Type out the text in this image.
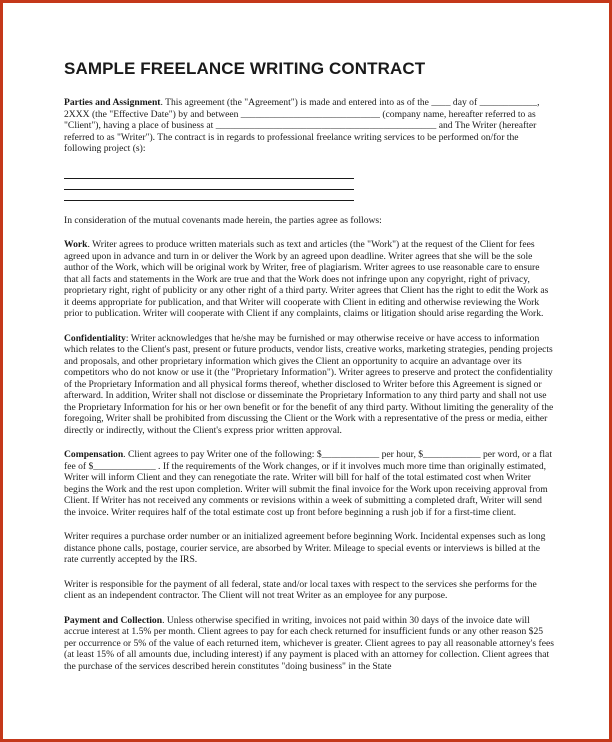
SAMPLE FREELANCE WRITING CONTRACT

Parties and Assignment. This agreement (the "Agreement") is made and entered into as of the ____ day of ____________, 2XXX (the "Effective Date") by and between _____________________________ (company name, hereafter referred to as "Client"), having a place of business at ______________________________________________ and The Writer (hereafter referred to as "Writer"). The contract is in regards to professional freelance writing services to be performed on/for the following project (s):

In consideration of the mutual covenants made herein, the parties agree as follows:

Work. Writer agrees to produce written materials such as text and articles (the "Work") at the request of the Client for fees agreed upon in advance and turn in or deliver the Work by an agreed upon deadline. Writer agrees that she will be the sole author of the Work, which will be original work by Writer, free of plagiarism. Writer agrees to use reasonable care to ensure that all facts and statements in the Work are true and that the Work does not infringe upon any copyright, right of privacy, proprietary right, right of publicity or any other right of a third party. Writer agrees that Client has the right to edit the Work as it deems appropriate for publication, and that Writer will cooperate with Client in editing and otherwise reviewing the Work prior to publication. Writer will cooperate with Client if any complaints, claims or litigation should arise regarding the Work.

Confidentiality: Writer acknowledges that he/she may be furnished or may otherwise receive or have access to information which relates to the Client's past, present or future products, vendor lists, creative works, marketing strategies, pending projects and proposals, and other proprietary information which gives the Client an opportunity to acquire an advantage over its competitors who do not know or use it (the "Proprietary Information"). Writer agrees to preserve and protect the confidentiality of the Proprietary Information and all physical forms thereof, whether disclosed to Writer before this Agreement is signed or afterward. In addition, Writer shall not disclose or disseminate the Proprietary Information to any third party and shall not use the Proprietary Information for his or her own benefit or for the benefit of any third party. Without limiting the generality of the foregoing, Writer shall be prohibited from discussing the Client or the Work with a representative of the press or media, either directly or indirectly, without the Client's express prior written approval.

Compensation. Client agrees to pay Writer one of the following: $____________ per hour, $____________ per word, or a flat fee of $_____________ . If the requirements of the Work changes, or if it involves much more time than originally estimated, Writer will inform Client and they can renegotiate the rate. Writer will bill for half of the total estimated cost when Writer begins the Work and the rest upon completion. Writer will submit the final invoice for the Work upon receiving approval from Client. If Writer has not received any comments or revisions within a week of submitting a completed draft, Writer will send the invoice. Writer requires half of the total estimate cost up front before beginning a rush job if for a first-time client.

Writer requires a purchase order number or an initialized agreement before beginning Work. Incidental expenses such as long distance phone calls, postage, courier service, are absorbed by Writer. Mileage to special events or interviews is billed at the rate currently accepted by the IRS.

Writer is responsible for the payment of all federal, state and/or local taxes with respect to the services she performs for the client as an independent contractor. The Client will not treat Writer as an employee for any purpose.

Payment and Collection. Unless otherwise specified in writing, invoices not paid within 30 days of the invoice date will accrue interest at 1.5% per month. Client agrees to pay for each check returned for insufficient funds or any other reason $25 per occurrence or 5% of the value of each returned item, whichever is greater. Client agrees to pay all reasonable attorney's fees (at least 15% of all amounts due, including interest) if any payment is placed with an attorney for collection. Client agrees that the purchase of the services described herein constitutes "doing business" in the State
